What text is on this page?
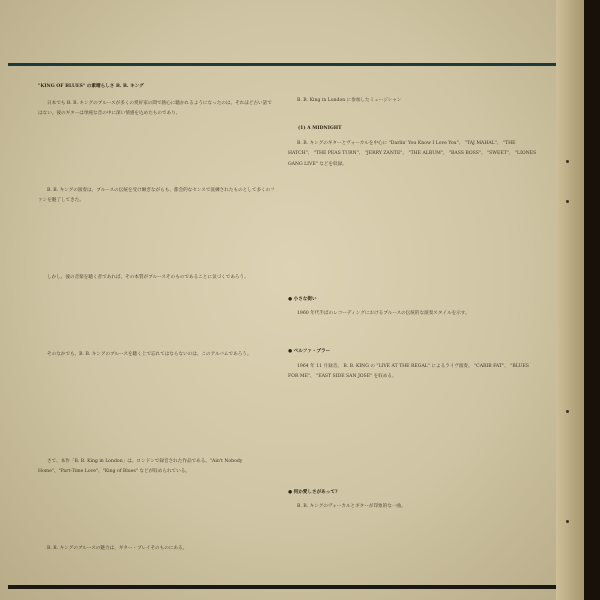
"KING OF BLUES" の素晴らしさ B. B. キング

日本でも B. B. キングのブルースが多くの愛好家の間で熱心に聴かれるようになったのは、それほど古い話ではない。彼のギターは単純な音の中に深い情感を込めたものであり、

B. B. キングの演奏は、ブルースの伝統を受け継ぎながらも、都会的なセンスで洗練されたものとして多くのファンを魅了してきた。

しかし、彼の音楽を聴く者であれば、その本質がブルースそのものであることに気づくであろう。

そのなかでも、B. B. キングのブルースを聴く上で忘れてはならないのは、このアルバムであろう。

さて、本作「B. B. King in London」は、ロンドンで録音された作品である。"Ain't Nobody Home"、"Part-Time Love"、"King of Blues" などが収められている。

B. B. キングのブルースの魅力は、ギター・プレイそのものにある。

B. B. King in London に参加したミュージシャン

(1) A MIDNIGHT

B. B. キングのギターとヴォーカルを中心に "Darlin' You Know I Love You"、 "TAJ MAHAL"、 "THE HATCH"、 "THE PEAS TURN"、 "JERRY ZANTE"、 "THE ALBUM"、 "BASS BOSS"、 "SWEET"、 "LIONES GANG LIVE" などを収録。

● 小さな街い

1960 年代半ばのレコーディングにおけるブルースの伝統的な演奏スタイルを示す。

● ベルファ・ブラー

1964 年 11 月録音。 B. B. KING の "LIVE AT THE REGAL" によるライヴ演奏。 "CARIB FAT"、 "BLUES FOR ME"、 "EAST SIDE SAN JOSE" を収める。

● 何か愛しさがあって?

B. B. キングのヴォーカルとギターが印象的な一曲。
